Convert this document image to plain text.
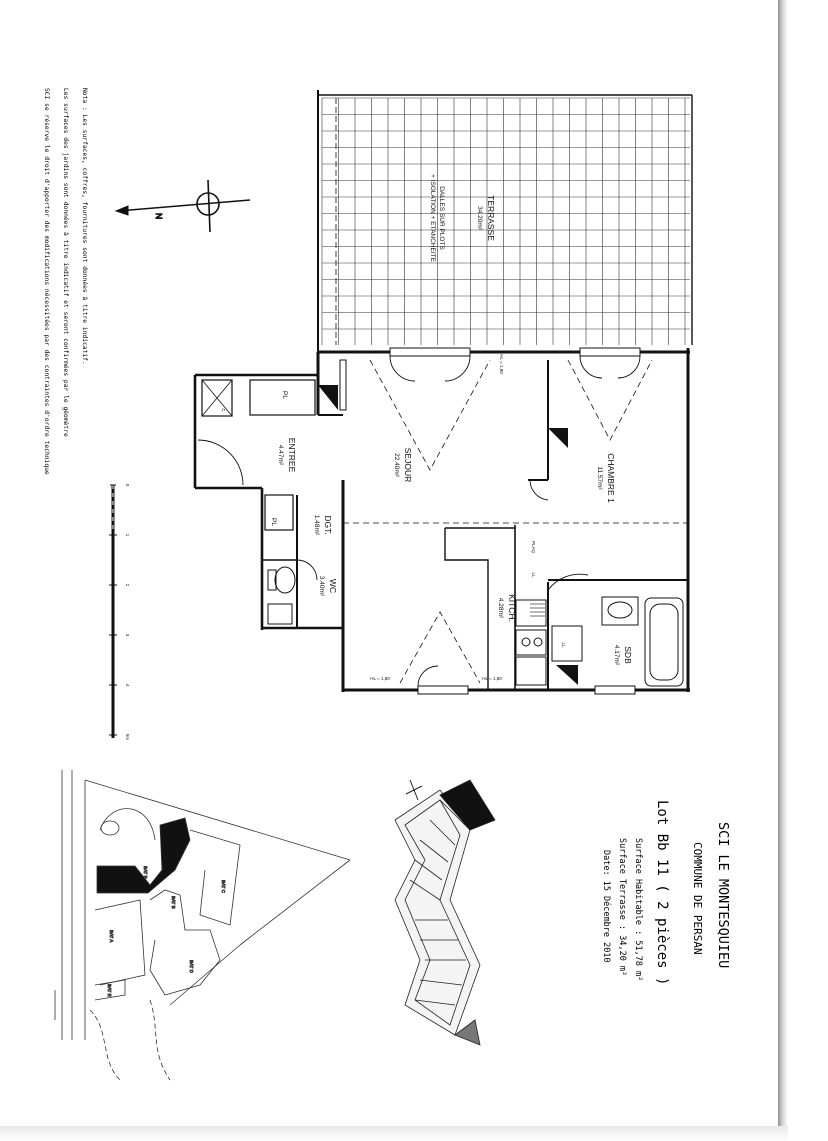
TERRASSE
34.20m²
DALLES SUR PLOTS
+ ISOLATION + ETANCHEITE
SEJOUR
22.40m²	CHAMBRE 1
11.57m²
ENTREE
4.47m²
DGT.
1.48m²
WC
3.40m²
KITCH.
4.28m²
SDB
4.17m²
PL
PL
LL
LL
PLAQ
C
HL = 1,80
HL = 1,80	HL = 1,80
N
0
1
2
3
4
5m
Nota : Les surfaces, coffres, fournitures sont données à titre indicatif.
Les surfaces des jardins sont données à titre indicatif et seront confirmées par le géomètre
SCI se réserve le droit d'apporter des modifications nécessitées par des contraintes d'ordre technique
BAT C
BAT A
BAT D
BAT E
BAT B
BAT B	SCI LE MONTESQUIEU
COMMUNE DE PERSAN
Lot Bb 11 ( 2 pièces )
Surface Habitable : 51,78 m²
Surface Terrasse : 34,20 m²
Date: 15 Décembre 2010
